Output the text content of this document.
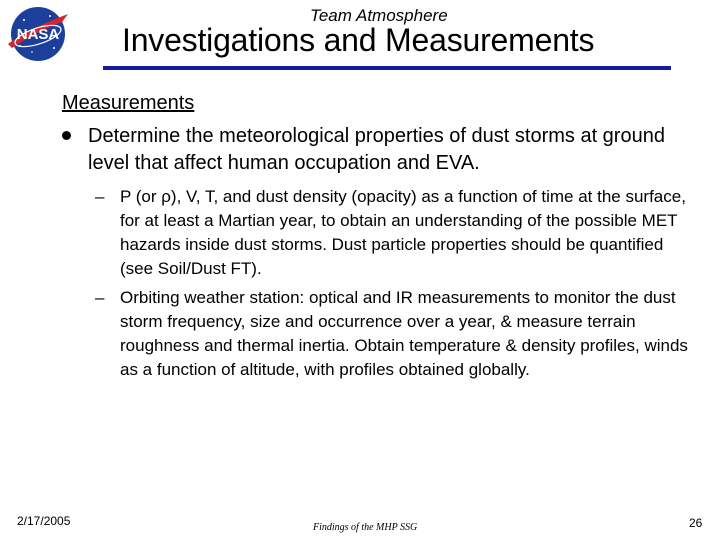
NASA
Team Atmosphere
Investigations and Measurements
Measurements
Determine the meteorological properties of dust storms at ground level that affect human occupation and EVA.
– P (or ρ), V, T, and dust density (opacity) as a function of time at the surface, for at least a Martian year, to obtain an understanding of the possible MET hazards inside dust storms. Dust particle properties should be quantified (see Soil/Dust FT).
– Orbiting weather station: optical and IR measurements to monitor the dust storm frequency, size and occurrence over a year, & measure terrain roughness and thermal inertia. Obtain temperature & density profiles, winds as a function of altitude, with profiles obtained globally.
2/17/2005	Findings of the MHP SSG	26
